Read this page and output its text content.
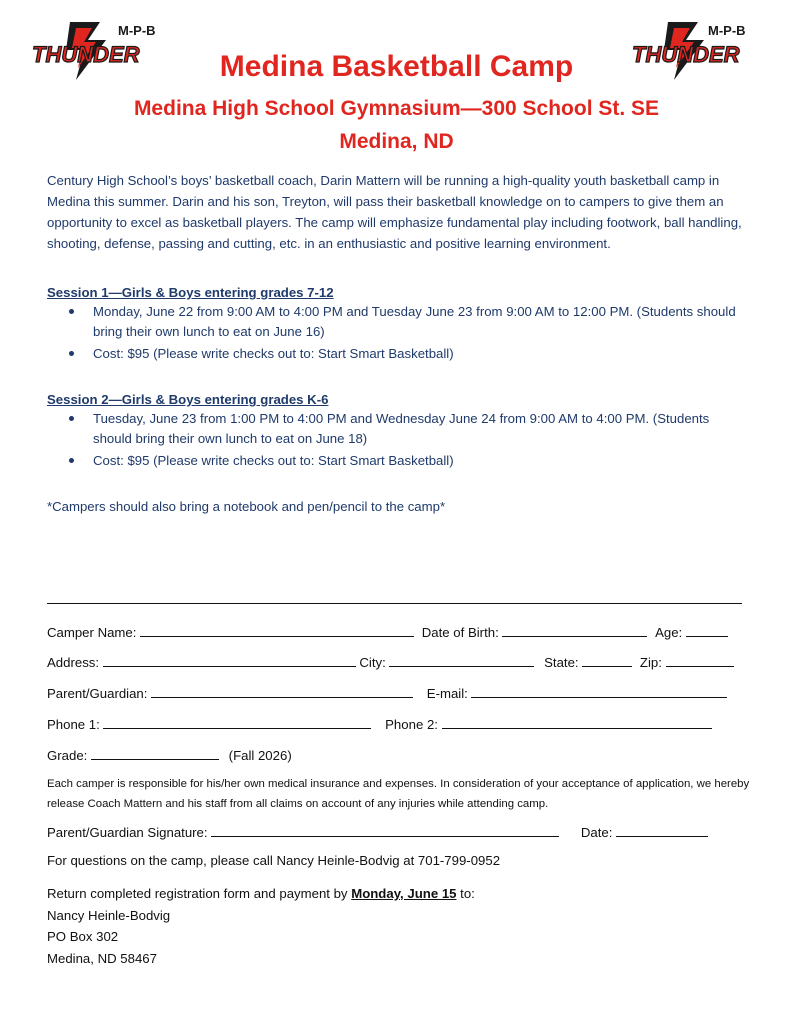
M-P-B
THUNDER
M-P-B
THUNDER
Medina Basketball Camp
Medina High School Gymnasium—300 School St. SE
Medina, ND
Century High School’s boys’ basketball coach, Darin Mattern will be running a high-quality youth basketball camp in Medina this summer. Darin and his son, Treyton, will pass their basketball knowledge on to campers to give them an opportunity to excel as basketball players. The camp will emphasize fundamental play including footwork, ball handling, shooting, defense, passing and cutting, etc. in an enthusiastic and positive learning environment.
Session 1—Girls & Boys entering grades 7-12
Monday, June 22 from 9:00 AM to 4:00 PM and Tuesday June 23 from 9:00 AM to 12:00 PM. (Students should bring their own lunch to eat on June 16)
Cost: $95 (Please write checks out to: Start Smart Basketball)
Session 2—Girls & Boys entering grades K-6
Tuesday, June 23 from 1:00 PM to 4:00 PM and Wednesday June 24 from 9:00 AM to 4:00 PM. (Students should bring their own lunch to eat on June 18)
Cost: $95 (Please write checks out to: Start Smart Basketball)
*Campers should also bring a notebook and pen/pencil to the camp*
Camper Name:	Date of Birth:	Age:
Address:	City:	State:	Zip:
Parent/Guardian:	E-mail:
Phone 1:	Phone 2:
Grade:	(Fall 2026)
Each camper is responsible for his/her own medical insurance and expenses. In consideration of your acceptance of application, we hereby release Coach Mattern and his staff from all claims on account of any injuries while attending camp.
Parent/Guardian Signature:	Date:
For questions on the camp, please call Nancy Heinle-Bodvig at 701-799-0952
Return completed registration form and payment by Monday, June 15 to:
Nancy Heinle-Bodvig
PO Box 302
Medina, ND 58467
